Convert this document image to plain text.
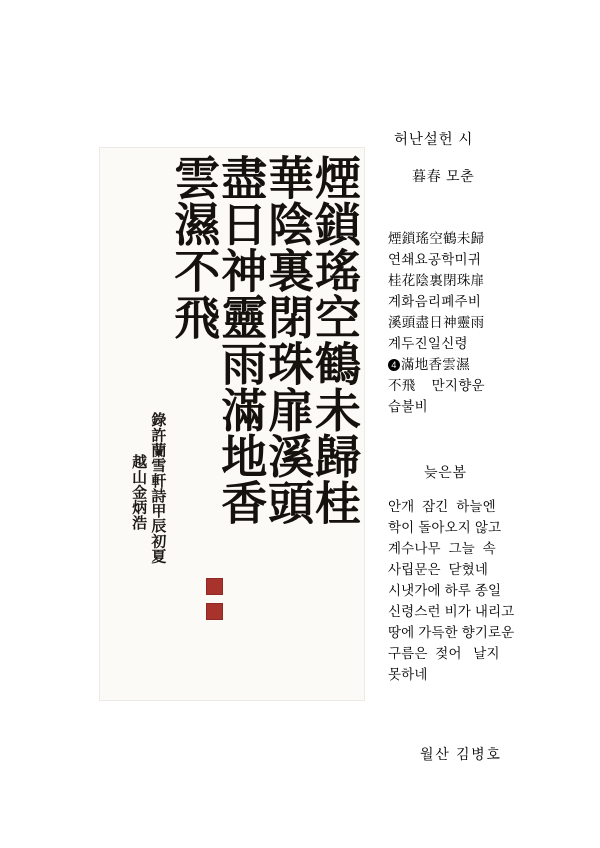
煙鎖瑤空鶴未歸桂
華陰裏閉珠扉溪頭
盡日神靈雨滿地香
雲濕不飛
錄許蘭雪軒詩甲辰初夏
越山金炳浩
허난설헌 시
暮春 모춘
煙鎖瑤空鶴未歸
연쇄요공학미귀
桂花陰裏閉珠扉
계화음리폐주비
溪頭盡日神靈雨
계두진일신령
4 滿地香雲濕
不飛    만지향운
습불비
늦은봄
안개  잠긴  하늘엔
학이 돌아오지 않고
계수나무  그늘  속
사립문은  닫혔네
시냇가에 하루 종일
신령스런 비가 내리고
땅에 가득한 향기로운
구름은  젖어   날지
못하네
월산 김병호
